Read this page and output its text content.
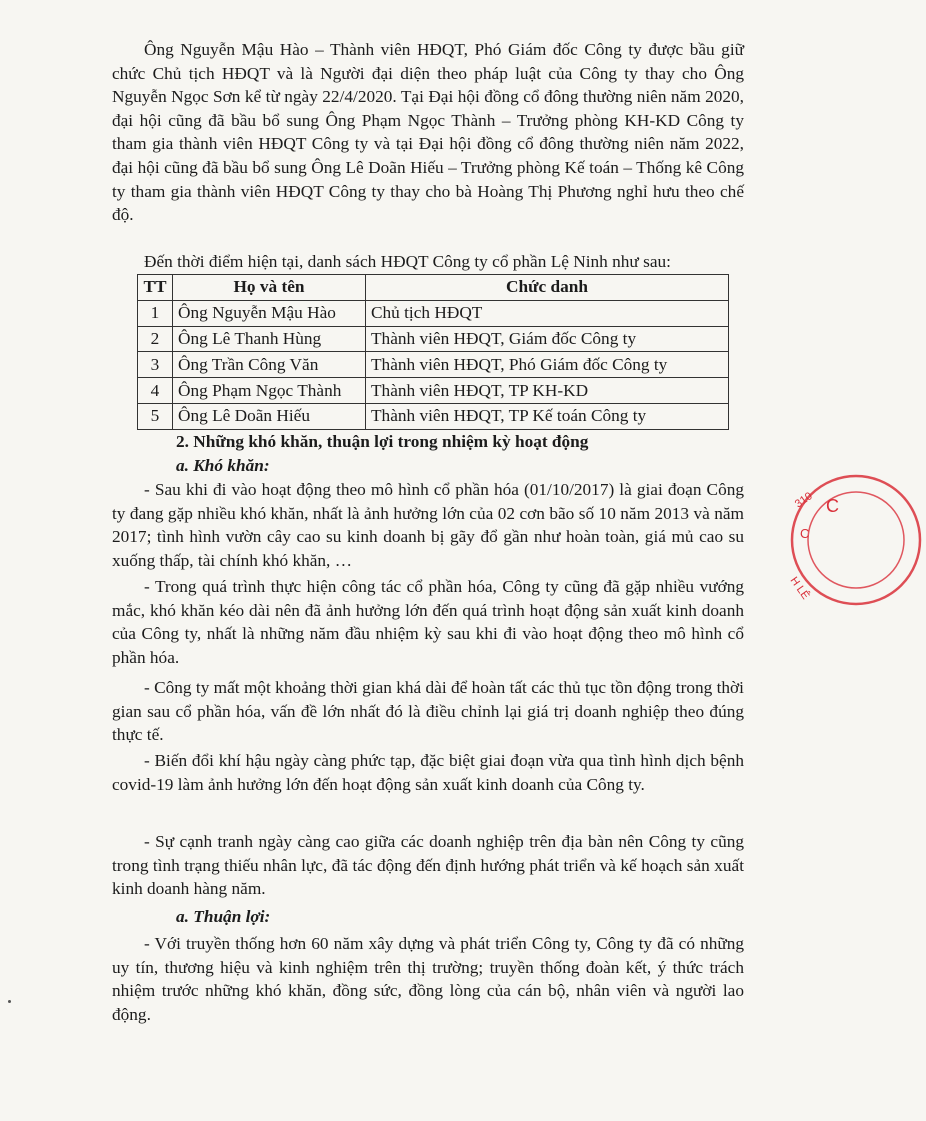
Ông Nguyễn Mậu Hào – Thành viên HĐQT, Phó Giám đốc Công ty được bầu giữ chức Chủ tịch HĐQT và là Người đại diện theo pháp luật của Công ty thay cho Ông Nguyễn Ngọc Sơn kể từ ngày 22/4/2020. Tại Đại hội đồng cổ đông thường niên năm 2020, đại hội cũng đã bầu bổ sung Ông Phạm Ngọc Thành – Trưởng phòng KH-KD Công ty tham gia thành viên HĐQT Công ty và tại Đại hội đồng cổ đông thường niên năm 2022, đại hội cũng đã bầu bổ sung Ông Lê Doãn Hiếu – Trưởng phòng Kế toán – Thống kê Công ty tham gia thành viên HĐQT Công ty thay cho bà Hoàng Thị Phương nghỉ hưu theo chế độ.

Đến thời điểm hiện tại, danh sách HĐQT Công ty cổ phần Lệ Ninh như sau:

TT	Họ và tên	Chức danh
1	Ông Nguyễn Mậu Hào	Chủ tịch HĐQT
2	Ông Lê Thanh Hùng	Thành viên HĐQT, Giám đốc Công ty
3	Ông Trần Công Văn	Thành viên HĐQT, Phó Giám đốc Công ty
4	Ông Phạm Ngọc Thành	Thành viên HĐQT, TP KH-KD
5	Ông Lê Doãn Hiếu	Thành viên HĐQT, TP Kế toán Công ty

2. Những khó khăn, thuận lợi trong nhiệm kỳ hoạt động

a. Khó khăn:

- Sau khi đi vào hoạt động theo mô hình cổ phần hóa (01/10/2017) là giai đoạn Công ty đang gặp nhiều khó khăn, nhất là ảnh hưởng lớn của 02 cơn bão số 10 năm 2013 và năm 2017; tình hình vườn cây cao su kinh doanh bị gãy đổ gần như hoàn toàn, giá mủ cao su xuống thấp, tài chính khó khăn, …

- Trong quá trình thực hiện công tác cổ phần hóa, Công ty cũng đã gặp nhiều vướng mắc, khó khăn kéo dài nên đã ảnh hưởng lớn đến quá trình hoạt động sản xuất kinh doanh của Công ty, nhất là những năm đầu nhiệm kỳ sau khi đi vào hoạt động theo mô hình cổ phần hóa.

- Công ty mất một khoảng thời gian khá dài để hoàn tất các thủ tục tồn động trong thời gian sau cổ phần hóa, vấn đề lớn nhất đó là điều chỉnh lại giá trị doanh nghiệp theo đúng thực tế.

- Biến đổi khí hậu ngày càng phức tạp, đặc biệt giai đoạn vừa qua tình hình dịch bệnh covid-19 làm ảnh hưởng lớn đến hoạt động sản xuất kinh doanh của Công ty.

- Sự cạnh tranh ngày càng cao giữa các doanh nghiệp trên địa bàn nên Công ty cũng trong tình trạng thiếu nhân lực, đã tác động đến định hướng phát triển và kế hoạch sản xuất kinh doanh hàng năm.

a. Thuận lợi:

- Với truyền thống hơn 60 năm xây dựng và phát triển Công ty, Công ty đã có những uy tín, thương hiệu và kinh nghiệm trên thị trường; truyền thống đoàn kết, ý thức trách nhiệm trước những khó khăn, đồng sức, đồng lòng của cán bộ, nhân viên và người lao động.

310 C
C
H LÊ
